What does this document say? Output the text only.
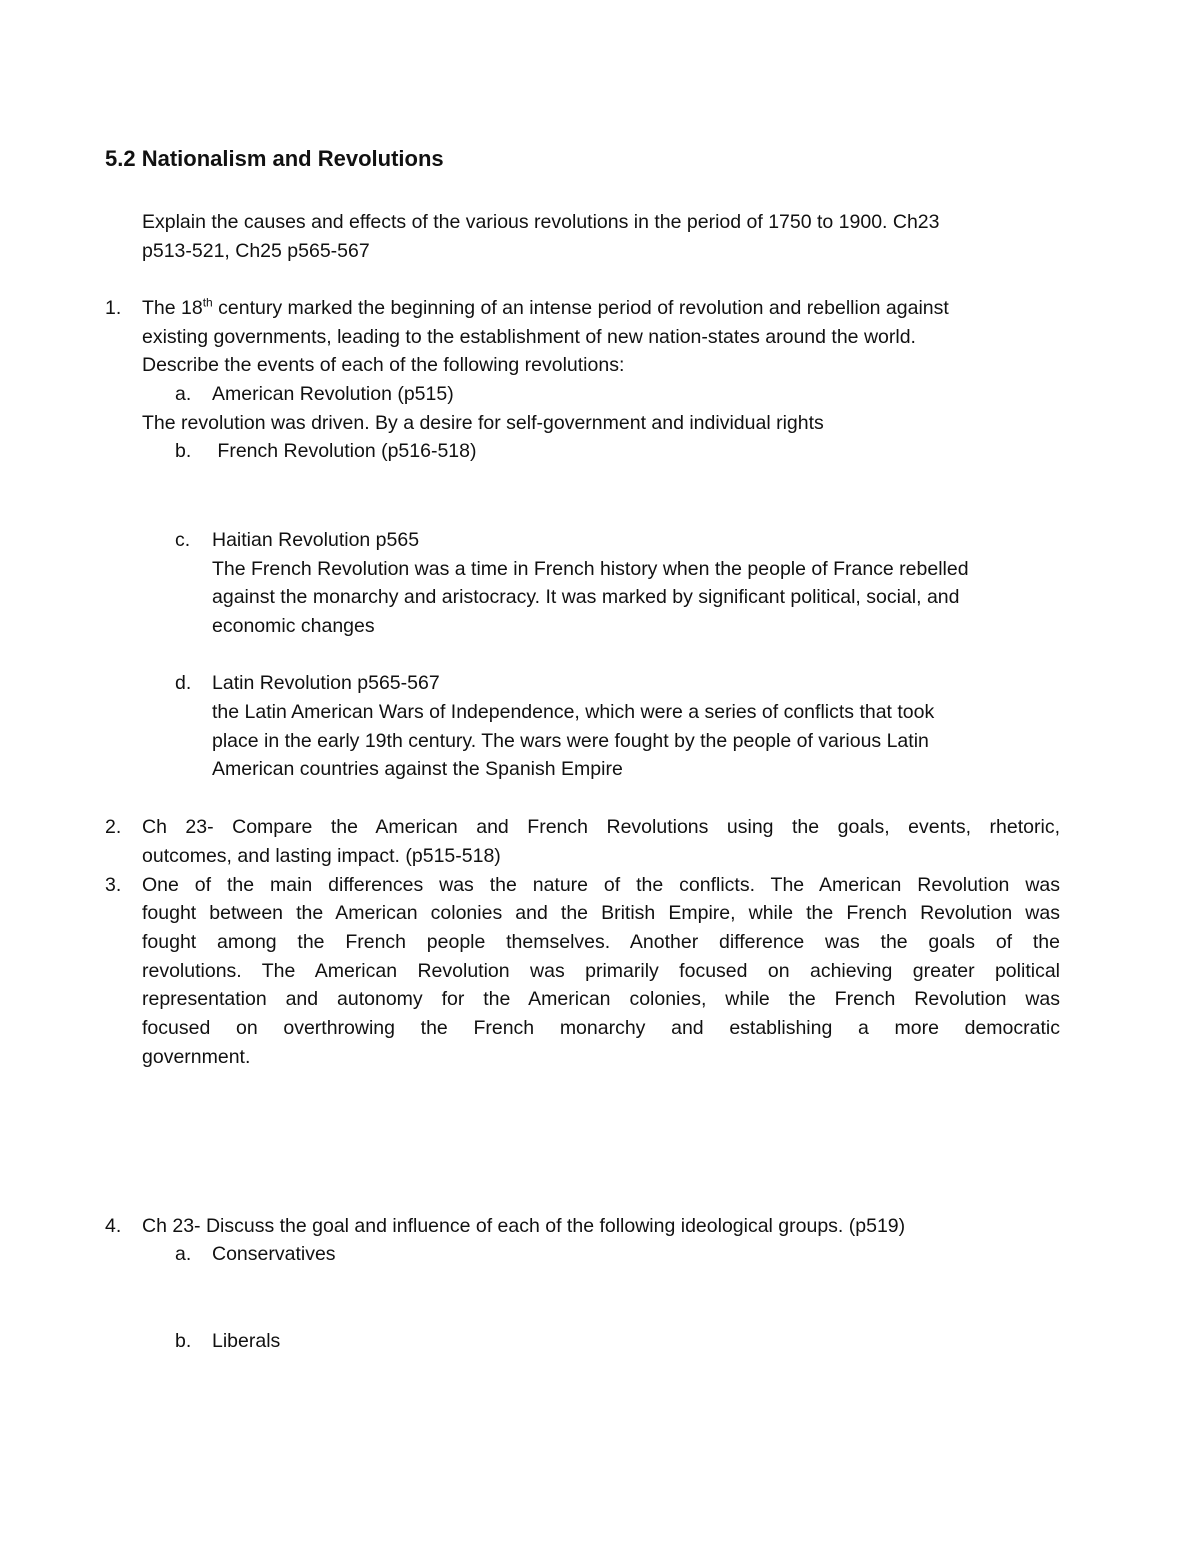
5.2 Nationalism and Revolutions
Explain the causes and effects of the various revolutions in the period of 1750 to 1900. Ch23
p513-521, Ch25 p565-567
1.	The 18th century marked the beginning of an intense period of revolution and rebellion against
existing governments, leading to the establishment of new nation-states around the world.
Describe the events of each of the following revolutions:
a. American Revolution (p515)
The revolution was driven. By a desire for self-government and individual rights
b. French Revolution (p516-518)
c. Haitian Revolution p565
The French Revolution was a time in French history when the people of France rebelled
against the monarchy and aristocracy. It was marked by significant political, social, and
economic changes
d. Latin Revolution p565-567
the Latin American Wars of Independence, which were a series of conflicts that took
place in the early 19th century. The wars were fought by the people of various Latin
American countries against the Spanish Empire
2.	Ch 23- Compare the American and French Revolutions using the goals, events, rhetoric,
outcomes, and lasting impact. (p515-518)
3.	One of the main differences was the nature of the conflicts. The American Revolution was
fought between the American colonies and the British Empire, while the French Revolution was
fought among the French people themselves. Another difference was the goals of the
revolutions. The American Revolution was primarily focused on achieving greater political
representation and autonomy for the American colonies, while the French Revolution was
focused on overthrowing the French monarchy and establishing a more democratic
government.
4.	Ch 23- Discuss the goal and influence of each of the following ideological groups. (p519)
a. Conservatives
b. Liberals
